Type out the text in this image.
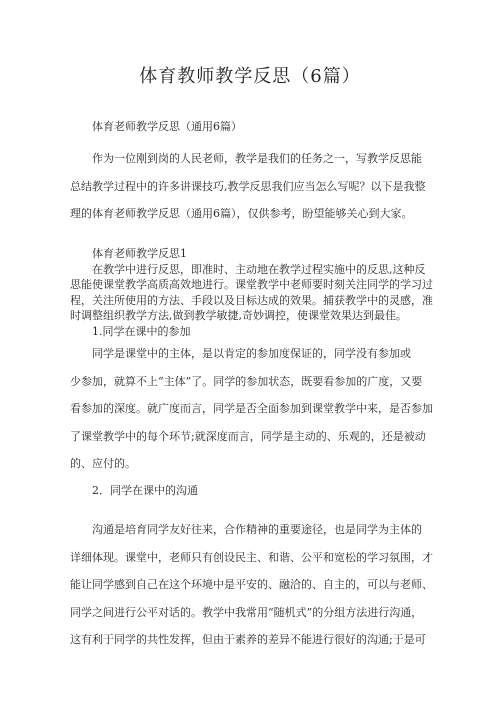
体育教师教学反思（6篇）
体育老师教学反思（通用6篇）
作为一位刚到岗的人民老师，教学是我们的任务之一，写教学反思能
总结教学过程中的许多讲课技巧,教学反思我们应当怎么写呢？以下是我整
理的体育老师教学反思（通用6篇），仅供参考，盼望能够关心到大家。
体育老师教学反思1
在教学中进行反思，即准时、主动地在教学过程实施中的反思,这种反
思能使课堂教学高质高效地进行。课堂教学中老师要时刻关注同学的学习过
程，关注所使用的方法、手段以及目标达成的效果。捕获教学中的灵感，准
时调整组织教学方法,做到教学敏捷,奇妙调控，使课堂效果达到最佳。
1.同学在课中的参加
同学是课堂中的主体，是以肯定的参加度保证的，同学没有参加或
少参加，就算不上“主体”了。同学的参加状态，既要看参加的广度，又要
看参加的深度。就广度而言，同学是否全面参加到课堂教学中来，是否参加
了课堂教学中的每个环节;就深度而言，同学是主动的、乐观的，还是被动
的、应付的。
2．同学在课中的沟通
沟通是培育同学友好往来，合作精神的重要途径，也是同学为主体的
详细体现。课堂中，老师只有创设民主、和谐、公平和宽松的学习氛围，才
能让同学感到自己在这个环境中是平安的、融洽的、自主的，可以与老师、
同学之间进行公平对话的。教学中我常用“随机式”的分组方法进行沟通，
这有利于同学的共性发挥，但由于素养的差异不能进行很好的沟通;于是可
